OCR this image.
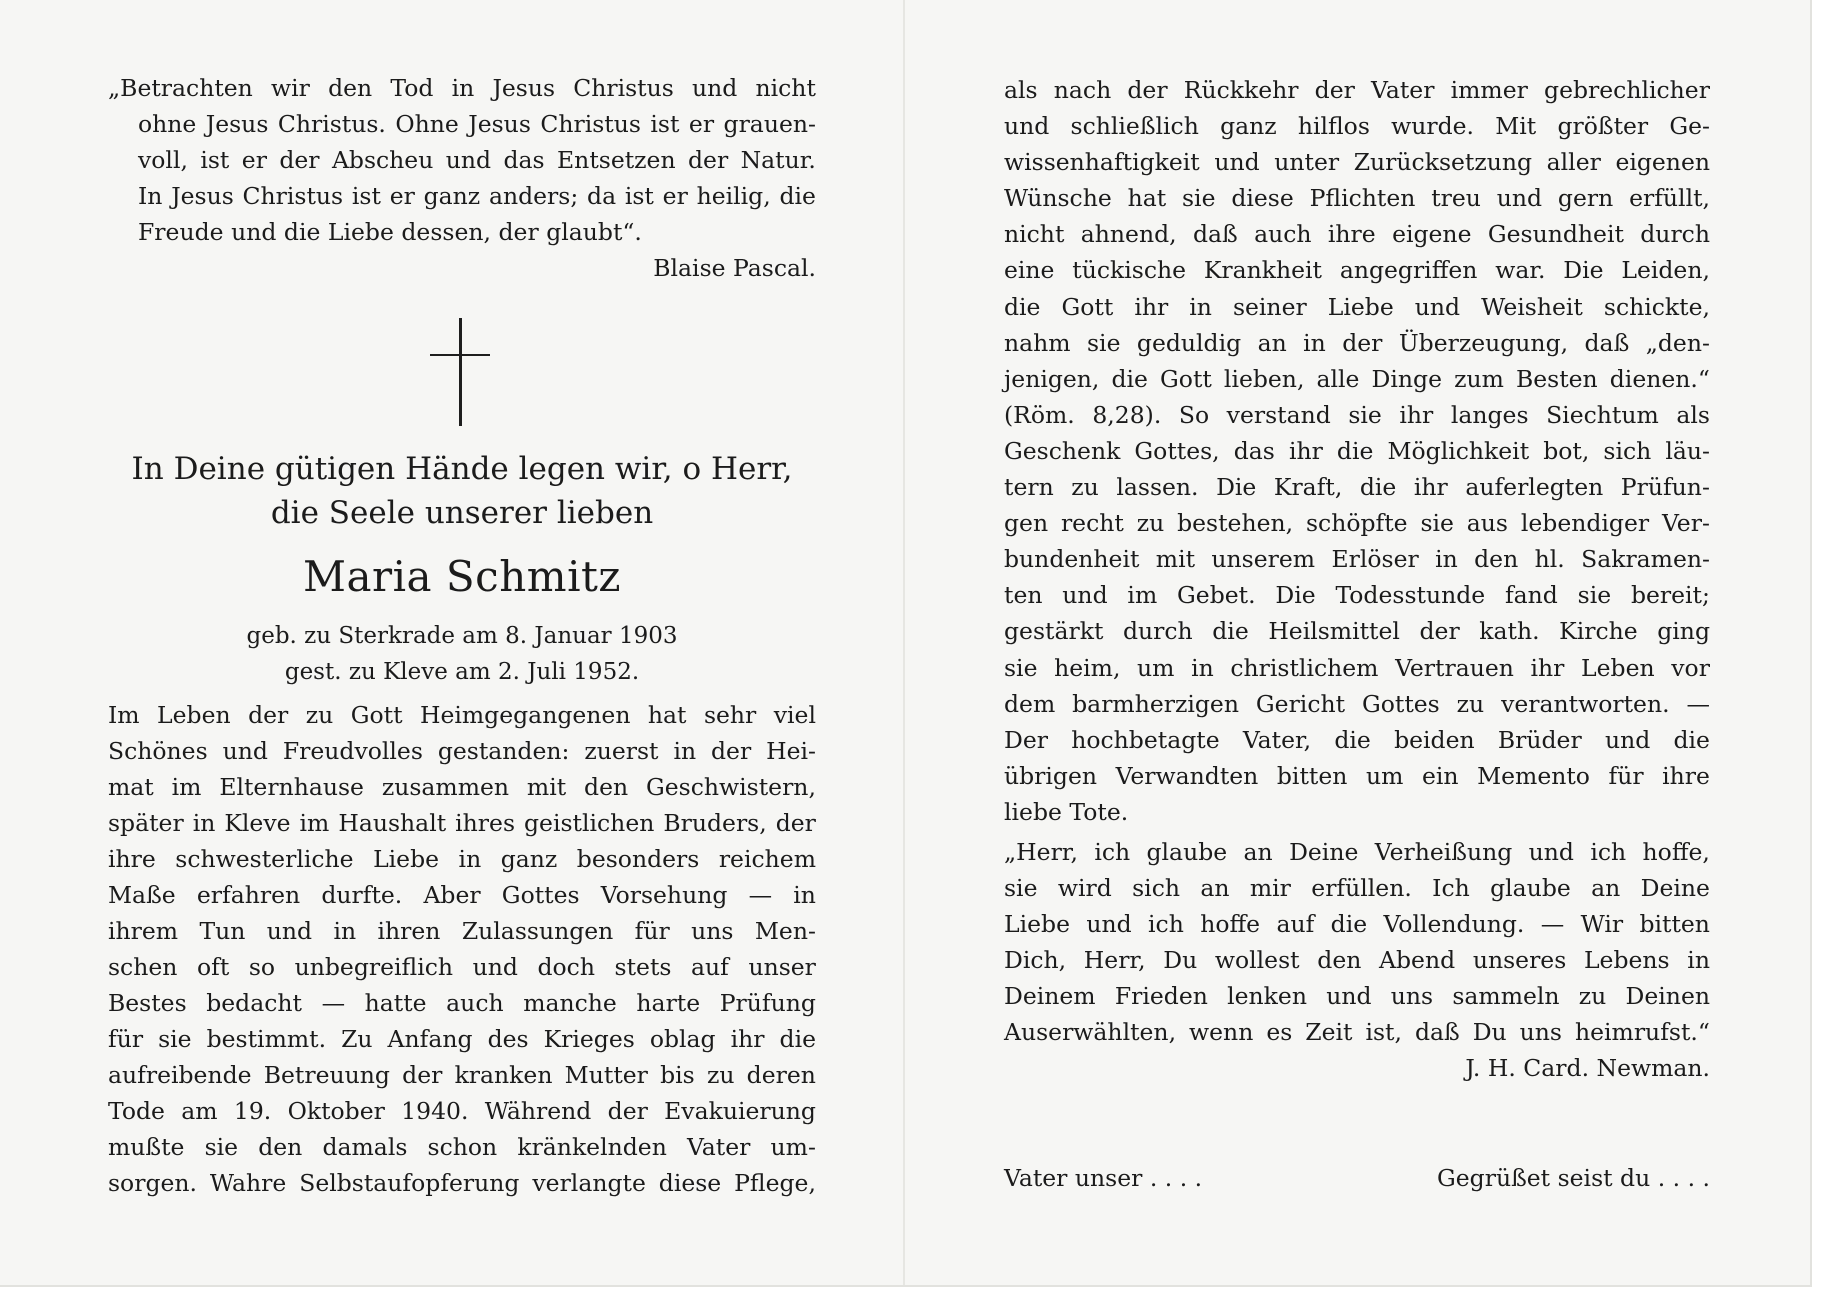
„Betrachten wir den Tod in Jesus Christus und nicht
ohne Jesus Christus. Ohne Jesus Christus ist er grauen-
voll, ist er der Abscheu und das Entsetzen der Natur.
In Jesus Christus ist er ganz anders; da ist er heilig, die
Freude und die Liebe dessen, der glaubt“.
Blaise Pascal.
In Deine gütigen Hände legen wir, o Herr,
die Seele unserer lieben
Maria Schmitz
geb. zu Sterkrade am 8. Januar 1903
gest. zu Kleve am 2. Juli 1952.
Im Leben der zu Gott Heimgegangenen hat sehr viel
Schönes und Freudvolles gestanden: zuerst in der Hei-
mat im Elternhause zusammen mit den Geschwistern,
später in Kleve im Haushalt ihres geistlichen Bruders, der
ihre schwesterliche Liebe in ganz besonders reichem
Maße erfahren durfte. Aber Gottes Vorsehung — in
ihrem Tun und in ihren Zulassungen für uns Men-
schen oft so unbegreiflich und doch stets auf unser
Bestes bedacht — hatte auch manche harte Prüfung
für sie bestimmt. Zu Anfang des Krieges oblag ihr die
aufreibende Betreuung der kranken Mutter bis zu deren
Tode am 19. Oktober 1940. Während der Evakuierung
mußte sie den damals schon kränkelnden Vater um-
sorgen. Wahre Selbstaufopferung verlangte diese Pflege,
als nach der Rückkehr der Vater immer gebrechlicher
und schließlich ganz hilflos wurde. Mit größter Ge-
wissenhaftigkeit und unter Zurücksetzung aller eigenen
Wünsche hat sie diese Pflichten treu und gern erfüllt,
nicht ahnend, daß auch ihre eigene Gesundheit durch
eine tückische Krankheit angegriffen war. Die Leiden,
die Gott ihr in seiner Liebe und Weisheit schickte,
nahm sie geduldig an in der Überzeugung, daß „den-
jenigen, die Gott lieben, alle Dinge zum Besten dienen.“
(Röm. 8,28). So verstand sie ihr langes Siechtum als
Geschenk Gottes, das ihr die Möglichkeit bot, sich läu-
tern zu lassen. Die Kraft, die ihr auferlegten Prüfun-
gen recht zu bestehen, schöpfte sie aus lebendiger Ver-
bundenheit mit unserem Erlöser in den hl. Sakramen-
ten und im Gebet. Die Todesstunde fand sie bereit;
gestärkt durch die Heilsmittel der kath. Kirche ging
sie heim, um in christlichem Vertrauen ihr Leben vor
dem barmherzigen Gericht Gottes zu verantworten. —
Der hochbetagte Vater, die beiden Brüder und die
übrigen Verwandten bitten um ein Memento für ihre
liebe Tote.
„Herr, ich glaube an Deine Verheißung und ich hoffe,
sie wird sich an mir erfüllen. Ich glaube an Deine
Liebe und ich hoffe auf die Vollendung. — Wir bitten
Dich, Herr, Du wollest den Abend unseres Lebens in
Deinem Frieden lenken und uns sammeln zu Deinen
Auserwählten, wenn es Zeit ist, daß Du uns heimrufst.“
J. H. Card. Newman.
Vater unser . . . .	Gegrüßet seist du . . . .
